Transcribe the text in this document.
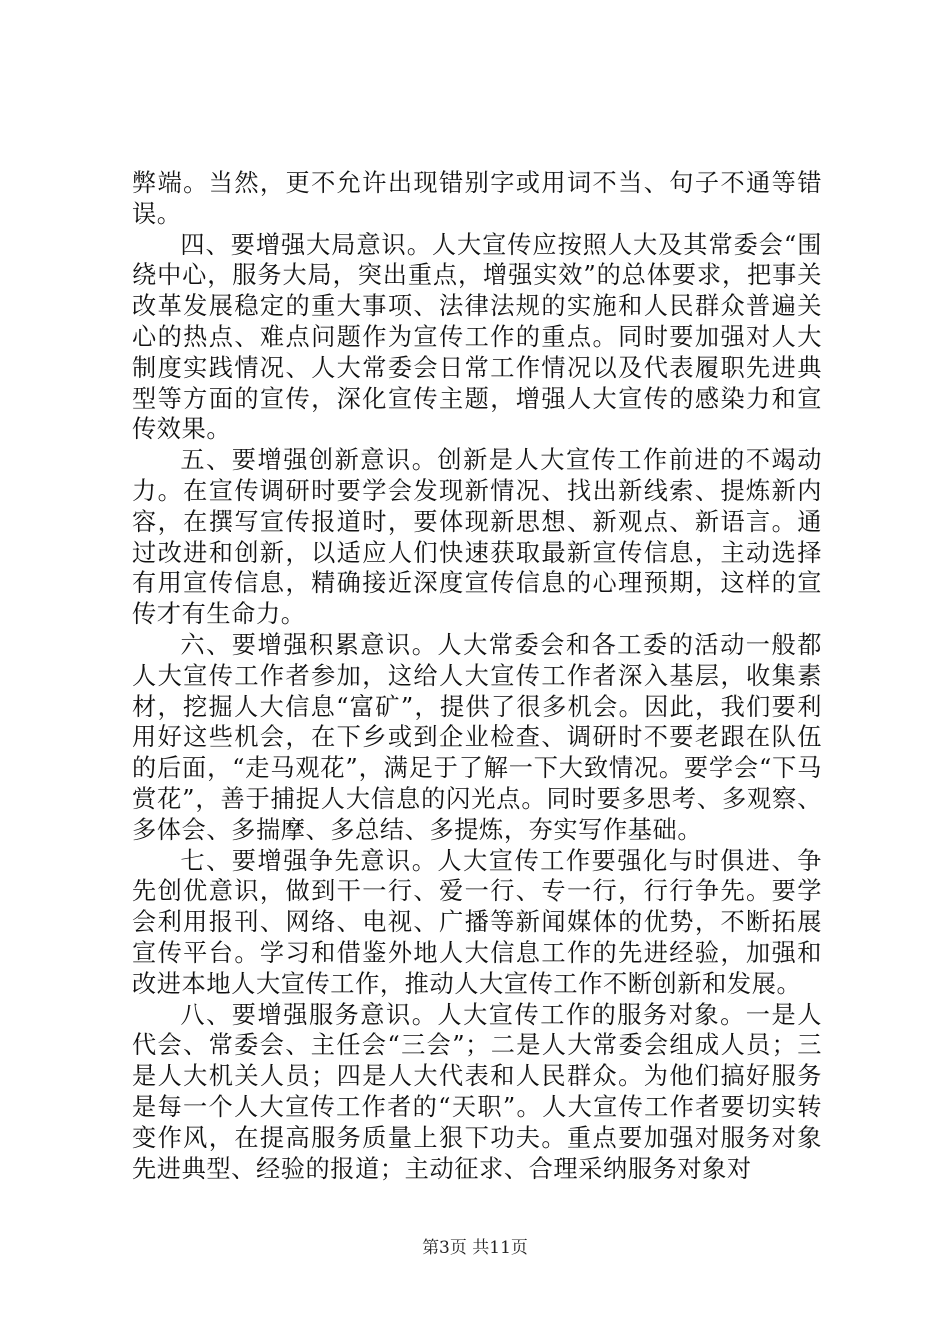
弊端。当然，更不允许出现错别字或用词不当、句子不通等错误。

四、要增强大局意识。人大宣传应按照人大及其常委会“围绕中心，服务大局，突出重点，增强实效”的总体要求，把事关改革发展稳定的重大事项、法律法规的实施和人民群众普遍关心的热点、难点问题作为宣传工作的重点。同时要加强对人大制度实践情况、人大常委会日常工作情况以及代表履职先进典型等方面的宣传，深化宣传主题，增强人大宣传的感染力和宣传效果。

五、要增强创新意识。创新是人大宣传工作前进的不竭动力。在宣传调研时要学会发现新情况、找出新线索、提炼新内容，在撰写宣传报道时，要体现新思想、新观点、新语言。通过改进和创新，以适应人们快速获取最新宣传信息，主动选择有用宣传信息，精确接近深度宣传信息的心理预期，这样的宣传才有生命力。

六、要增强积累意识。人大常委会和各工委的活动一般都人大宣传工作者参加，这给人大宣传工作者深入基层，收集素材，挖掘人大信息“富矿”，提供了很多机会。因此，我们要利用好这些机会，在下乡或到企业检查、调研时不要老跟在队伍的后面，“走马观花”，满足于了解一下大致情况。要学会“下马赏花”，善于捕捉人大信息的闪光点。同时要多思考、多观察、多体会、多揣摩、多总结、多提炼，夯实写作基础。

七、要增强争先意识。人大宣传工作要强化与时俱进、争先创优意识，做到干一行、爱一行、专一行，行行争先。要学会利用报刊、网络、电视、广播等新闻媒体的优势，不断拓展宣传平台。学习和借鉴外地人大信息工作的先进经验，加强和改进本地人大宣传工作，推动人大宣传工作不断创新和发展。

八、要增强服务意识。人大宣传工作的服务对象。一是人代会、常委会、主任会“三会”；二是人大常委会组成人员；三是人大机关人员；四是人大代表和人民群众。为他们搞好服务是每一个人大宣传工作者的“天职”。人大宣传工作者要切实转变作风，在提高服务质量上狠下功夫。重点要加强对服务对象先进典型、经验的报道；主动征求、合理采纳服务对象对

第3页 共11页
